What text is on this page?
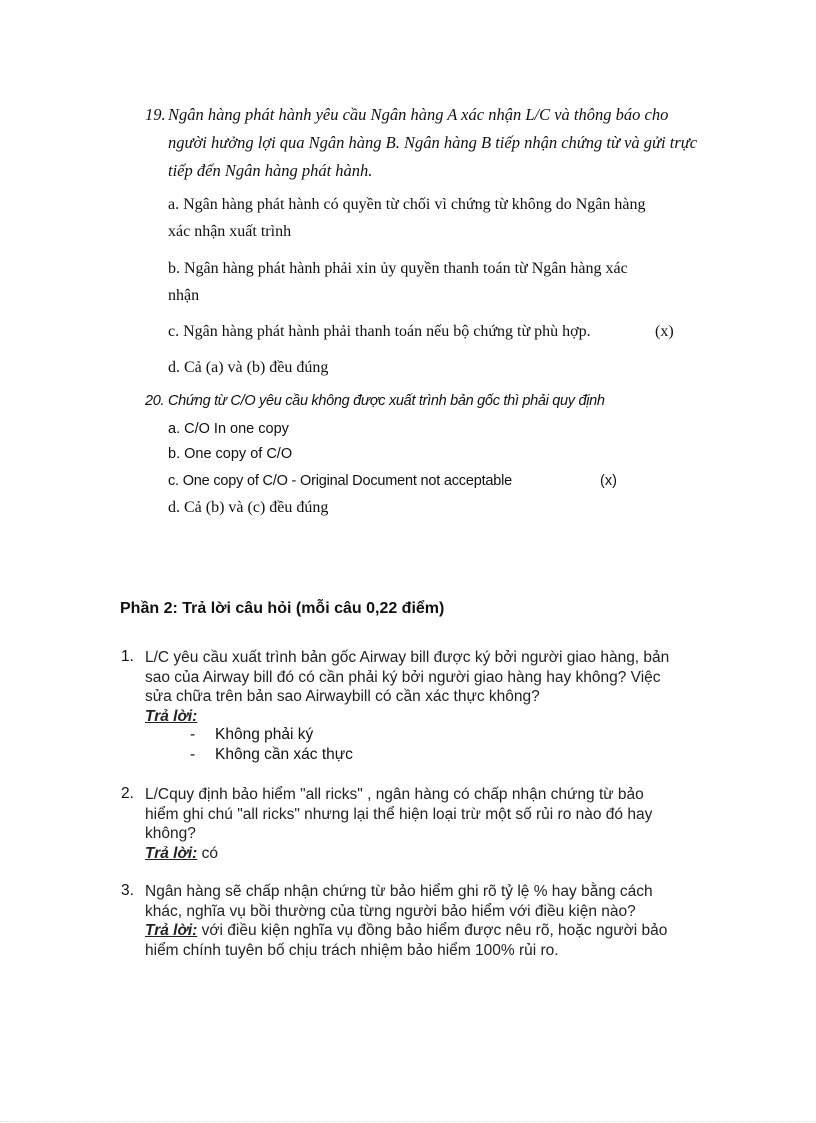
19. Ngân hàng phát hành yêu cầu Ngân hàng A xác nhận L/C và thông báo cho người hưởng lợi qua Ngân hàng B. Ngân hàng B tiếp nhận chứng từ và gửi trực tiếp đến Ngân hàng phát hành.
a. Ngân hàng phát hành có quyền từ chối vì chứng từ không do Ngân hàng
xác nhận xuất trình
b. Ngân hàng phát hành phải xin ủy quyền thanh toán từ Ngân hàng xác
nhận
c. Ngân hàng phát hành phải thanh toán nếu bộ chứng từ phù hợp.	(x)
d. Cả (a) và (b) đều đúng
20. Chứng từ C/O yêu cầu không được xuất trình bản gốc thì phải quy định
a. C/O In one copy
b. One copy of C/O
c. One copy of C/O - Original Document not acceptable	(x)
d. Cả (b) và (c) đều đúng
Phần 2: Trả lời câu hỏi (mỗi câu 0,22 điểm)
1. L/C yêu cầu xuất trình bản gốc Airway bill được ký bởi người giao hàng, bản
sao của Airway bill đó có cần phải ký bởi người giao hàng hay không? Việc
sửa chữa trên bản sao Airwaybill có cần xác thực không?
Trả lời:
- Không phải ký
- Không cần xác thực
2. L/Cquy định bảo hiểm "all ricks" , ngân hàng có chấp nhận chứng từ bảo
hiểm ghi chú "all ricks" nhưng lại thể hiện loại trừ một số rủi ro nào đó hay
không?
Trả lời: có
3. Ngân hàng sẽ chấp nhận chứng từ bảo hiểm ghi rõ tỷ lệ % hay bằng cách
khác, nghĩa vụ bồi thường của từng người bảo hiểm với điều kiện nào?
Trả lời: với điều kiện nghĩa vụ đồng bảo hiểm được nêu rõ, hoặc người bảo
hiểm chính tuyên bố chịu trách nhiệm bảo hiểm 100% rủi ro.
